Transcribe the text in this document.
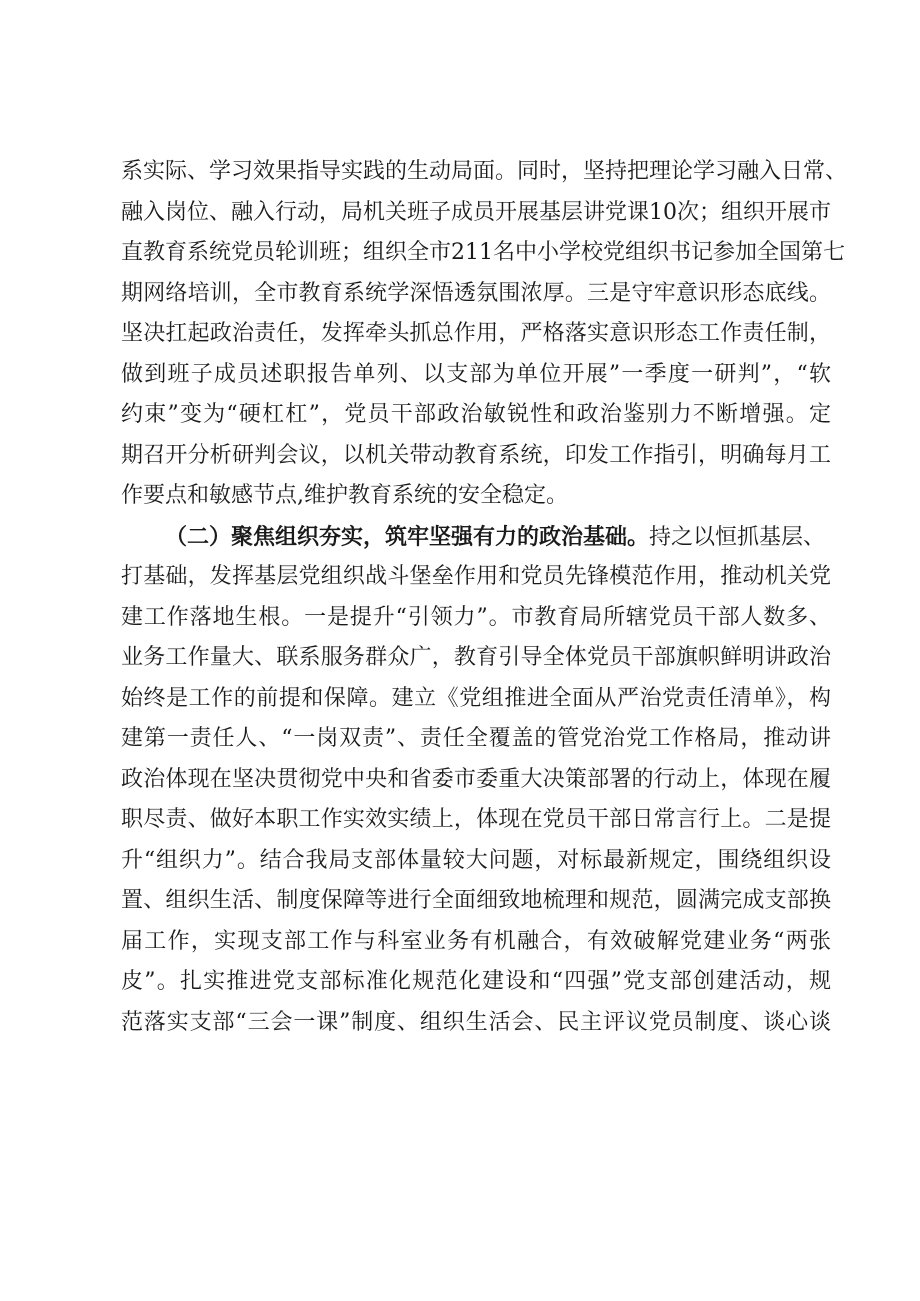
系实际、学习效果指导实践的生动局面。同时，坚持把理论学习融入日常、
融入岗位、融入行动，局机关班子成员开展基层讲党课10次；组织开展市
直教育系统党员轮训班；组织全市211名中小学校党组织书记参加全国第七
期网络培训，全市教育系统学深悟透氛围浓厚。三是守牢意识形态底线。
坚决扛起政治责任，发挥牵头抓总作用，严格落实意识形态工作责任制，
做到班子成员述职报告单列、以支部为单位开展”一季度一研判”，“软
约束”变为“硬杠杠”，党员干部政治敏锐性和政治鉴别力不断增强。定
期召开分析研判会议，以机关带动教育系统，印发工作指引，明确每月工
作要点和敏感节点,维护教育系统的安全稳定。
（二）聚焦组织夯实，筑牢坚强有力的政治基础。持之以恒抓基层、
打基础，发挥基层党组织战斗堡垒作用和党员先锋模范作用，推动机关党
建工作落地生根。一是提升“引领力”。市教育局所辖党员干部人数多、
业务工作量大、联系服务群众广，教育引导全体党员干部旗帜鲜明讲政治
始终是工作的前提和保障。建立《党组推进全面从严治党责任清单》，构
建第一责任人、“一岗双责”、责任全覆盖的管党治党工作格局，推动讲
政治体现在坚决贯彻党中央和省委市委重大决策部署的行动上，体现在履
职尽责、做好本职工作实效实绩上，体现在党员干部日常言行上。二是提
升“组织力”。结合我局支部体量较大问题，对标最新规定，围绕组织设
置、组织生活、制度保障等进行全面细致地梳理和规范，圆满完成支部换
届工作，实现支部工作与科室业务有机融合，有效破解党建业务“两张
皮”。扎实推进党支部标准化规范化建设和“四强”党支部创建活动，规
范落实支部“三会一课”制度、组织生活会、民主评议党员制度、谈心谈
